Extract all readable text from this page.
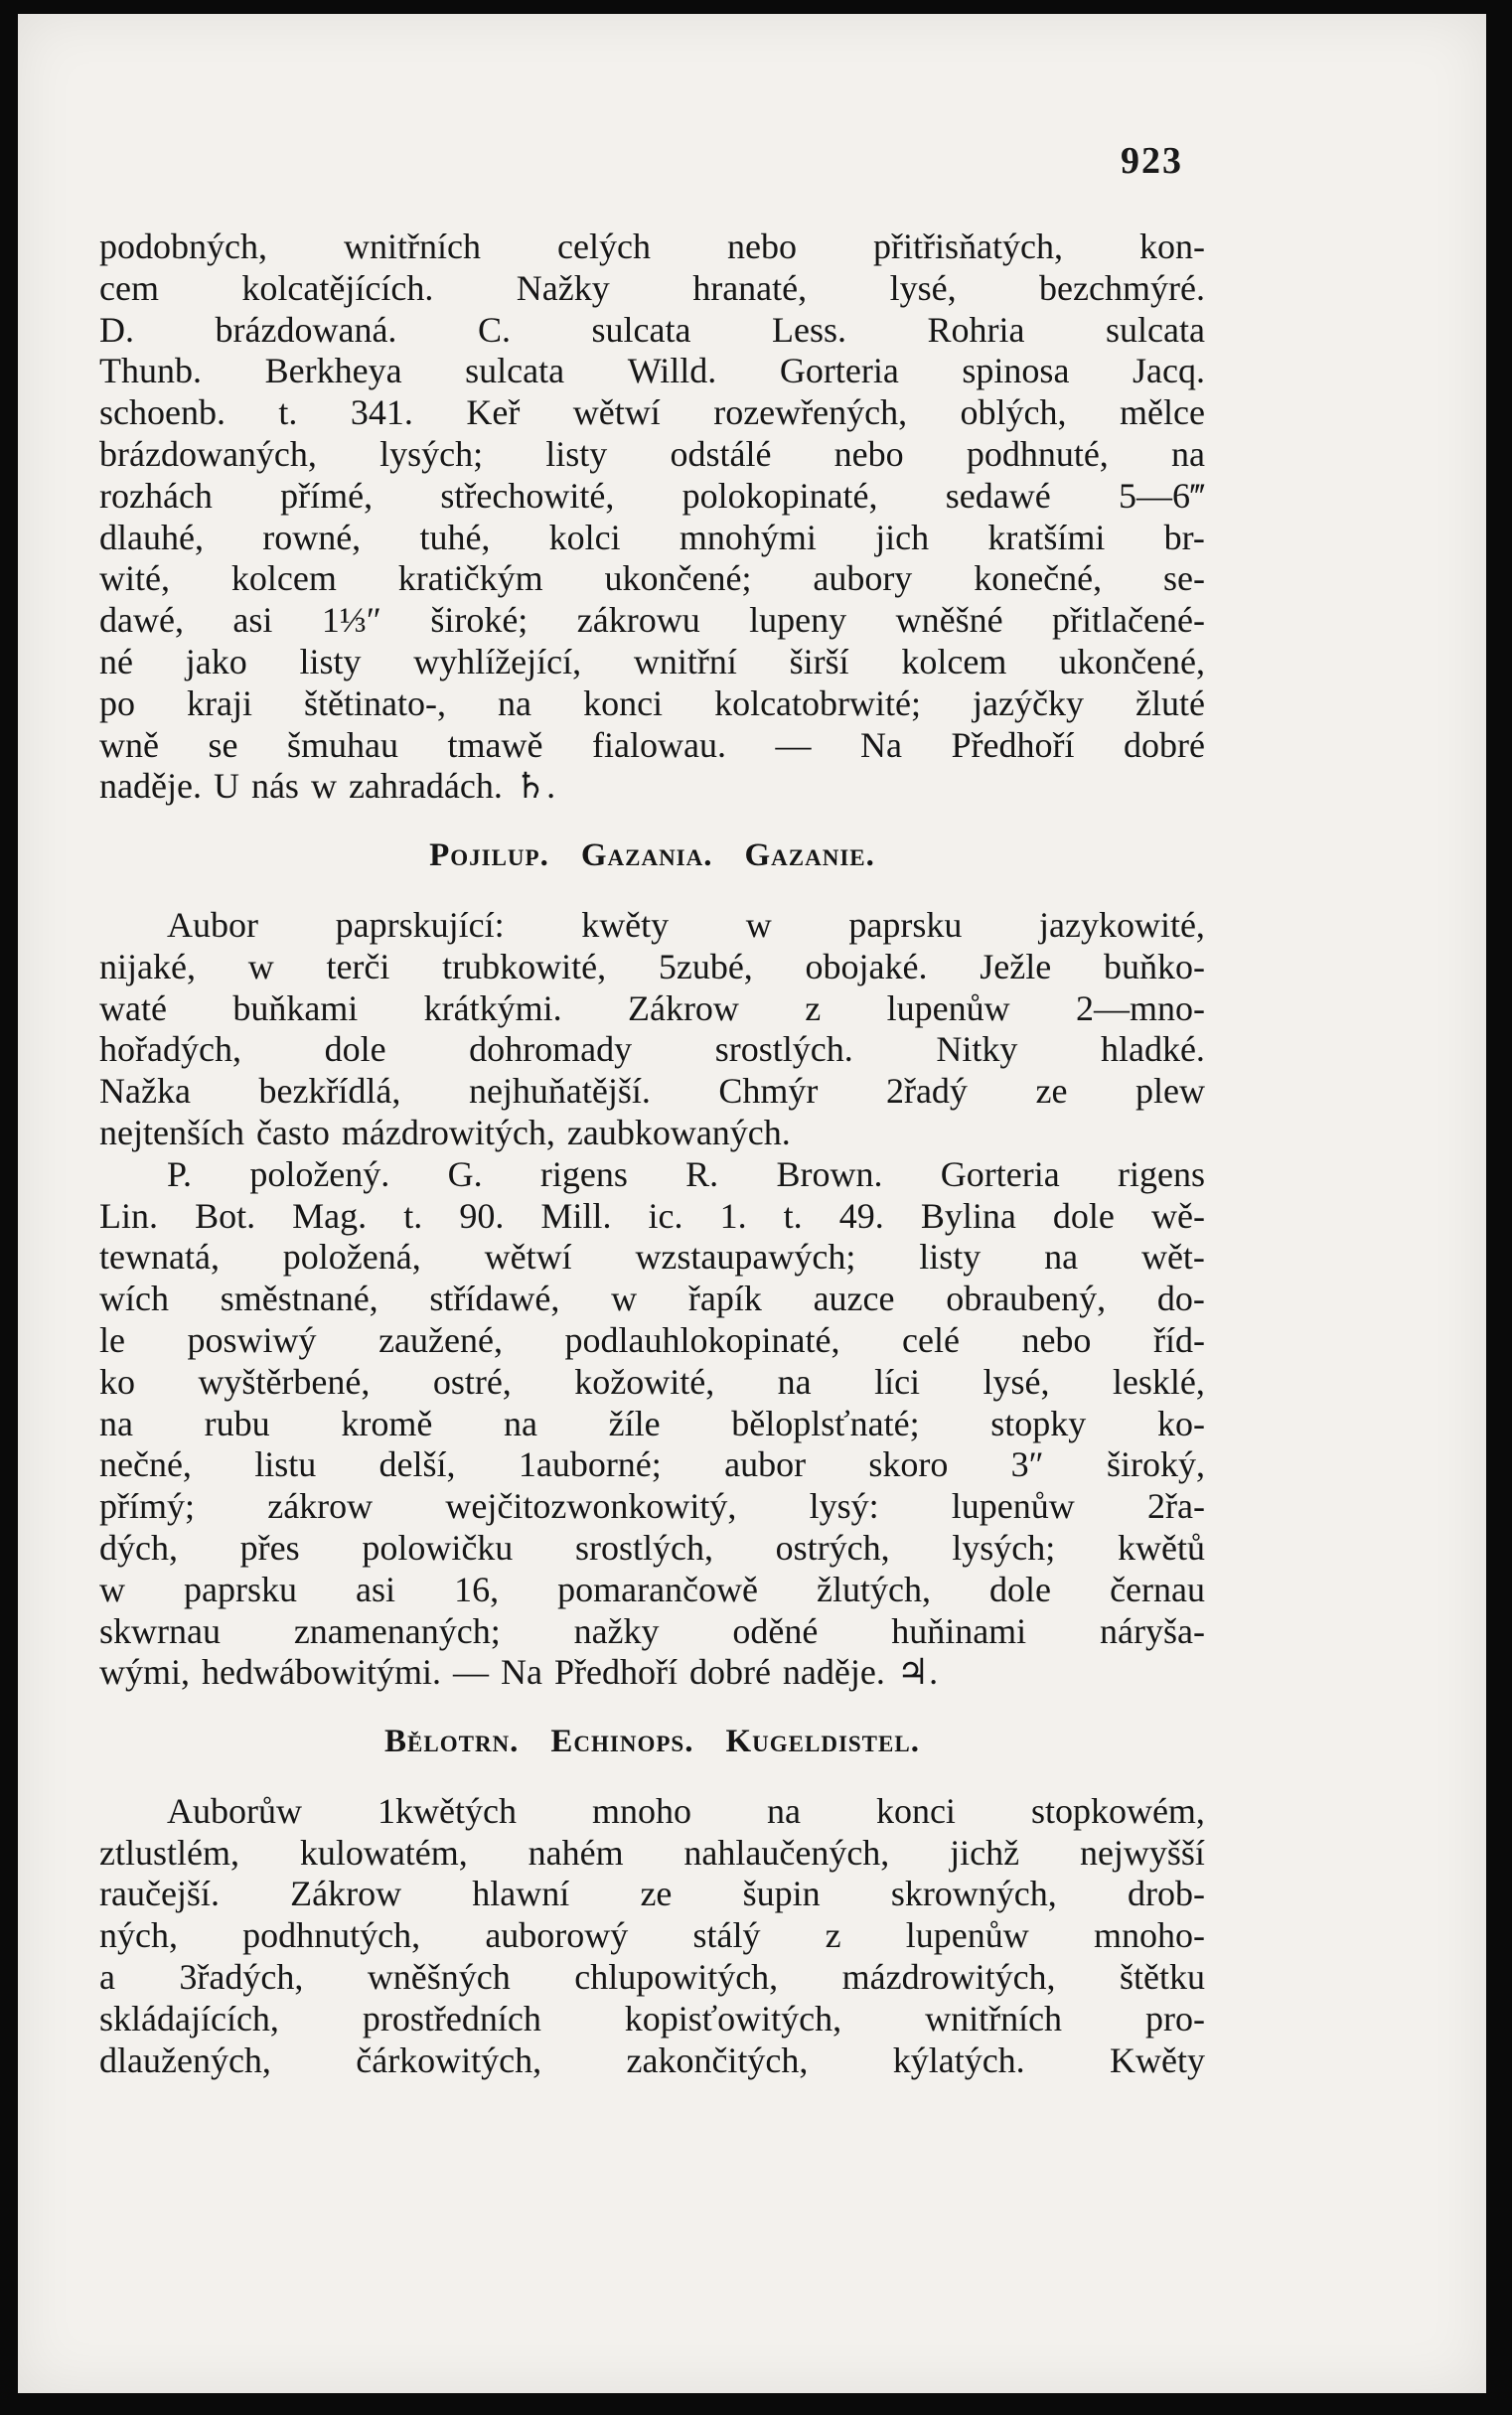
923
podobných, wnitřních celých nebo přitřisňatých, kon-
cem kolcatějících. Nažky hranaté, lysé, bezchmýré.
D. brázdowaná. C. sulcata Less. Rohria sulcata
Thunb. Berkheya sulcata Willd. Gorteria spinosa Jacq.
schoenb. t. 341. Keř wětwí rozewřených, oblých, mělce
brázdowaných, lysých; listy odstálé nebo podhnuté, na
rozhách přímé, střechowité, polokopinaté, sedawé 5—6‴
dlauhé, rowné, tuhé, kolci mnohými jich kratšími br-
wité, kolcem kratičkým ukončené; aubory konečné, se-
dawé, asi 1⅓″ široké; zákrowu lupeny wněšné přitlačené-
né jako listy wyhlížející, wnitřní širší kolcem ukončené,
po kraji štětinato-, na konci kolcatobrwité; jazýčky žluté
wně se šmuhau tmawě fialowau. — Na Předhoří dobré
naděje. U nás w zahradách. ♄.
Pojilup. Gazania. Gazanie.
Aubor paprskující: kwěty w paprsku jazykowité,
nijaké, w terči trubkowité, 5zubé, obojaké. Ježle buňko-
waté buňkami krátkými. Zákrow z lupenůw 2—mno-
hořadých, dole dohromady srostlých. Nitky hladké.
Nažka bezkřídlá, nejhuňatější. Chmýr 2řadý ze plew
nejtenších často mázdrowitých, zaubkowaných.
P. položený. G. rigens R. Brown. Gorteria rigens
Lin. Bot. Mag. t. 90. Mill. ic. 1. t. 49. Bylina dole wě-
tewnatá, položená, wětwí wzstaupawých; listy na wět-
wích směstnané, střídawé, w řapík auzce obraubený, do-
le poswiwý zaužené, podlauhlokopinaté, celé nebo říd-
ko wyštěrbené, ostré, kožowité, na líci lysé, lesklé,
na rubu kromě na žíle běloplsťnaté; stopky ko-
nečné, listu delší, 1auborné; aubor skoro 3″ široký,
přímý; zákrow wejčitozwonkowitý, lysý: lupenůw 2řa-
dých, přes polowičku srostlých, ostrých, lysých; kwětů
w paprsku asi 16, pomarančowě žlutých, dole černau
skwrnau znamenaných; nažky oděné huňinami náryša-
wými, hedwábowitými. — Na Předhoří dobré naděje. ♃.
Bělotrn. Echinops. Kugeldistel.
Auborůw 1kwětých mnoho na konci stopkowém,
ztlustlém, kulowatém, nahém nahlaučených, jichž nejwyšší
raučejší. Zákrow hlawní ze šupin skrowných, drob-
ných, podhnutých, auborowý stálý z lupenůw mnoho-
a 3řadých, wněšných chlupowitých, mázdrowitých, štětku
skládajících, prostředních kopisťowitých, wnitřních pro-
dlaužených, čárkowitých, zakončitých, kýlatých. Kwěty
